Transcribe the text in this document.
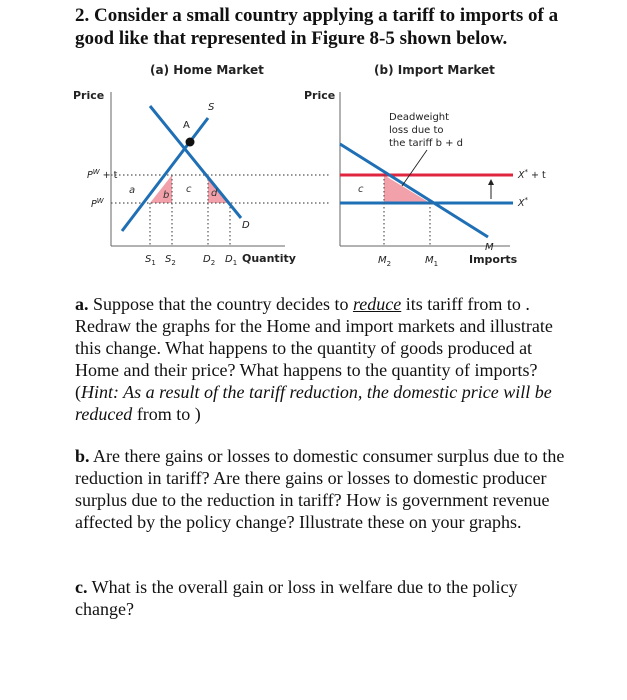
2. Consider a small country applying a tariff to imports of a good like that represented in Figure 8-5 shown below.
(a) Home Market	(b) Import Market
Price
A
S
D
a	b
c d
$P^W + t$
$P^W$
$S_1$ $S_2$	$D_2$ $D_1$ Quantity
Price
Deadweight loss due to the tariff b + d
c
X* + t
X*
M
$M_2$	$M_1$	Imports
a. Suppose that the country decides to reduce its tariff from to . Redraw the graphs for the Home and import markets and illustrate this change. What happens to the quantity of goods produced at Home and their price? What happens to the quantity of imports? (Hint: As a result of the tariff reduction, the domestic price will be reduced from to )
b. Are there gains or losses to domestic consumer surplus due to the reduction in tariff? Are there gains or losses to domestic producer surplus due to the reduction in tariff? How is government revenue affected by the policy change? Illustrate these on your graphs.
c. What is the overall gain or loss in welfare due to the policy change?
